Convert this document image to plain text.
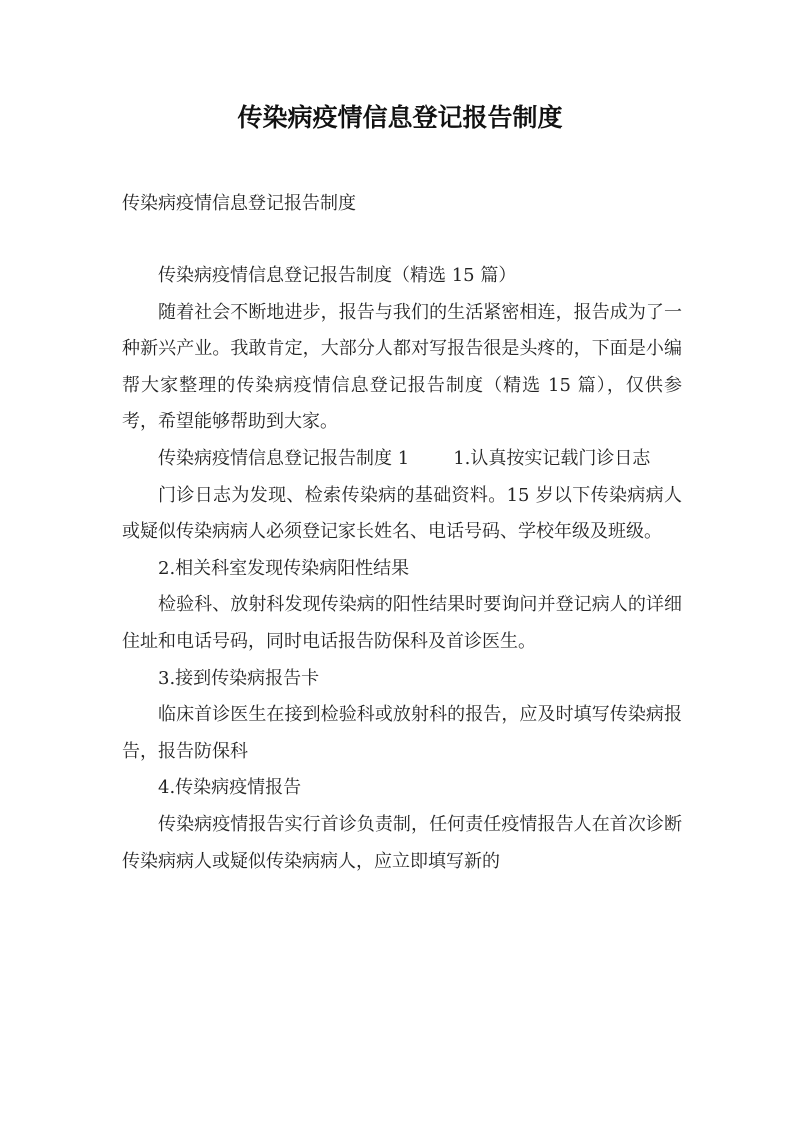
传染病疫情信息登记报告制度

传染病疫情信息登记报告制度

传染病疫情信息登记报告制度（精选 15 篇）

随着社会不断地进步，报告与我们的生活紧密相连，报告成为了一种新兴产业。我敢肯定，大部分人都对写报告很是头疼的，下面是小编帮大家整理的传染病疫情信息登记报告制度（精选 15 篇），仅供参考，希望能够帮助到大家。

传染病疫情信息登记报告制度 1 1.认真按实记载门诊日志

门诊日志为发现、检索传染病的基础资料。15 岁以下传染病病人或疑似传染病病人必须登记家长姓名、电话号码、学校年级及班级。

2.相关科室发现传染病阳性结果

检验科、放射科发现传染病的阳性结果时要询问并登记病人的详细住址和电话号码，同时电话报告防保科及首诊医生。

3.接到传染病报告卡

临床首诊医生在接到检验科或放射科的报告，应及时填写传染病报告，报告防保科

4.传染病疫情报告

传染病疫情报告实行首诊负责制，任何责任疫情报告人在首次诊断传染病病人或疑似传染病病人，应立即填写新的
